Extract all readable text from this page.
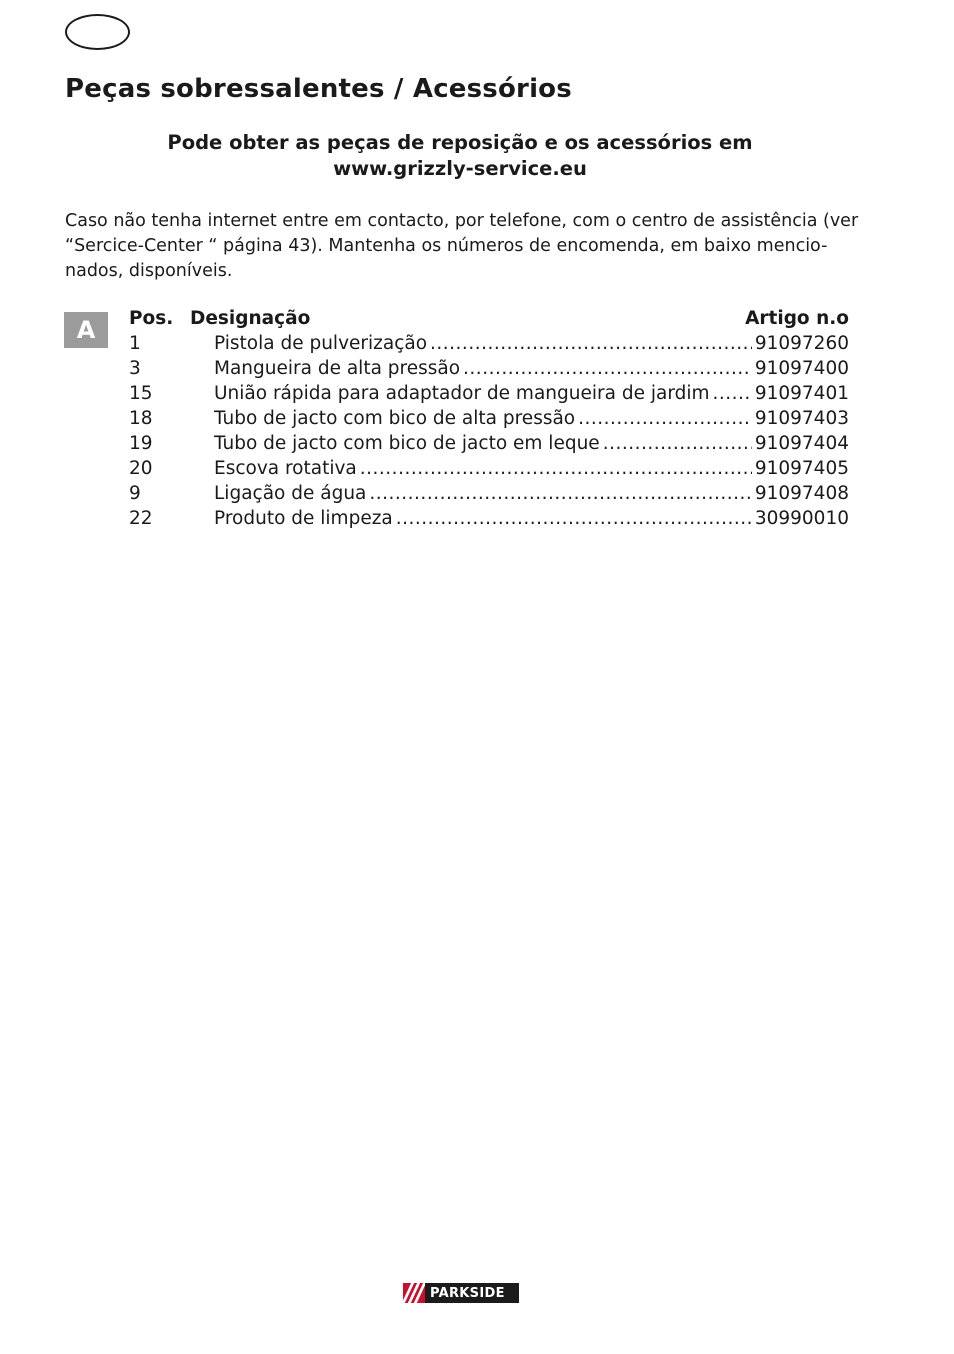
Peças sobressalentes / Acessórios
Pode obter as peças de reposição e os acessórios em
www.grizzly-service.eu

Caso não tenha internet entre em contacto, por telefone, com o centro de assistência (ver “Sercice-Center “ página 43). Mantenha os números de encomenda, em baixo mencio-nados, disponíveis.

A	Pos. Designação	Artigo n.o
1	Pistola de pulverização .....	91097260
3	Mangueira de alta pressão .....	91097400
15	União rápida para adaptador de mangueira de jardim ..... 91097401
18	Tubo de jacto com bico de alta pressão .....	91097403
19	Tubo de jacto com bico de jacto em leque .....	91097404
20	Escova rotativa .....	91097405
9	Ligação de água .....	91097408
22	Produto de limpeza .....	30990010
PARKSIDE
